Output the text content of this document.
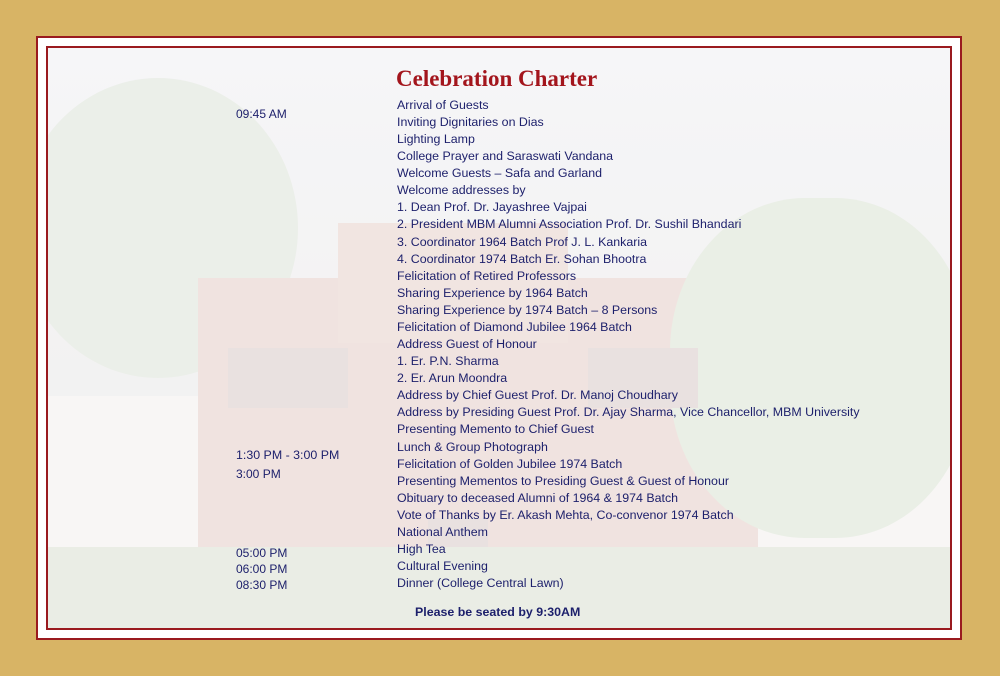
Celebration Charter
09:45 AM
1:30 PM - 3:00 PM
3:00 PM
05:00 PM
06:00 PM
08:30 PM
Arrival of Guests
Inviting Dignitaries on Dias
Lighting Lamp
College Prayer and Saraswati Vandana
Welcome Guests – Safa and Garland
Welcome addresses by
1. Dean Prof. Dr. Jayashree Vajpai
2. President MBM Alumni Association Prof. Dr. Sushil Bhandari
3. Coordinator 1964 Batch Prof J. L. Kankaria
4. Coordinator 1974 Batch Er. Sohan Bhootra
Felicitation of Retired Professors
Sharing Experience by 1964 Batch
Sharing Experience by 1974 Batch – 8 Persons
Felicitation of Diamond Jubilee 1964 Batch
Address Guest of Honour
1. Er. P.N. Sharma
2. Er. Arun Moondra
Address by Chief Guest Prof. Dr. Manoj Choudhary
Address by Presiding Guest Prof. Dr. Ajay Sharma, Vice Chancellor, MBM University
Presenting Memento to Chief Guest
Lunch & Group Photograph
Felicitation of Golden Jubilee 1974 Batch
Presenting Mementos to Presiding Guest & Guest of Honour
Obituary to deceased Alumni of 1964 & 1974 Batch
Vote of Thanks by Er. Akash Mehta, Co-convenor 1974 Batch
National Anthem
High Tea
Cultural Evening
Dinner (College Central Lawn)
Please be seated by 9:30AM
